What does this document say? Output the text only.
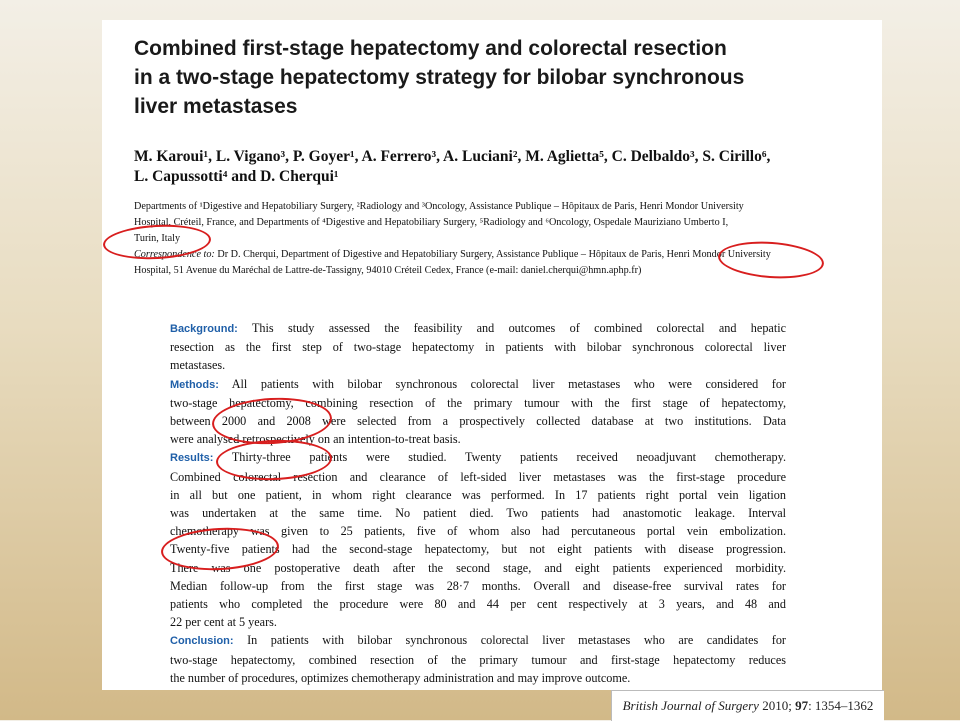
Combined first-stage hepatectomy and colorectal resection
in a two-stage hepatectomy strategy for bilobar synchronous
liver metastases
M. Karoui¹, L. Vigano³, P. Goyer¹, A. Ferrero³, A. Luciani², M. Aglietta⁵, C. Delbaldo³, S. Cirillo⁶,
L. Capussotti⁴ and D. Cherqui¹
Departments of ¹Digestive and Hepatobiliary Surgery, ²Radiology and ³Oncology, Assistance Publique – Hôpitaux de Paris, Henri Mondor University
Hospital, Créteil, France, and Departments of ⁴Digestive and Hepatobiliary Surgery, ⁵Radiology and ⁶Oncology, Ospedale Mauriziano Umberto I,
Turin, Italy
Correspondence to: Dr D. Cherqui, Department of Digestive and Hepatobiliary Surgery, Assistance Publique – Hôpitaux de Paris, Henri Mondor University
Hospital, 51 Avenue du Maréchal de Lattre-de-Tassigny, 94010 Créteil Cedex, France (e-mail: daniel.cherqui@hmn.aphp.fr)
Background: This study assessed the feasibility and outcomes of combined colorectal and hepatic
resection as the first step of two-stage hepatectomy in patients with bilobar synchronous colorectal liver
metastases.
Methods: All patients with bilobar synchronous colorectal liver metastases who were considered for
two-stage hepatectomy, combining resection of the primary tumour with the first stage of hepatectomy,
between 2000 and 2008 were selected from a prospectively collected database at two institutions. Data
were analysed retrospectively on an intention-to-treat basis.
Results: Thirty-three patients were studied. Twenty patients received neoadjuvant chemotherapy.
Combined colorectal resection and clearance of left-sided liver metastases was the first-stage procedure
in all but one patient, in whom right clearance was performed. In 17 patients right portal vein ligation
was undertaken at the same time. No patient died. Two patients had anastomotic leakage. Interval
chemotherapy was given to 25 patients, five of whom also had percutaneous portal vein embolization.
Twenty-five patients had the second-stage hepatectomy, but not eight patients with disease progression.
There was one postoperative death after the second stage, and eight patients experienced morbidity.
Median follow-up from the first stage was 28·7 months. Overall and disease-free survival rates for
patients who completed the procedure were 80 and 44 per cent respectively at 3 years, and 48 and
22 per cent at 5 years.
Conclusion: In patients with bilobar synchronous colorectal liver metastases who are candidates for
two-stage hepatectomy, combined resection of the primary tumour and first-stage hepatectomy reduces
the number of procedures, optimizes chemotherapy administration and may improve outcome.
British Journal of Surgery 2010; 97: 1354–1362
